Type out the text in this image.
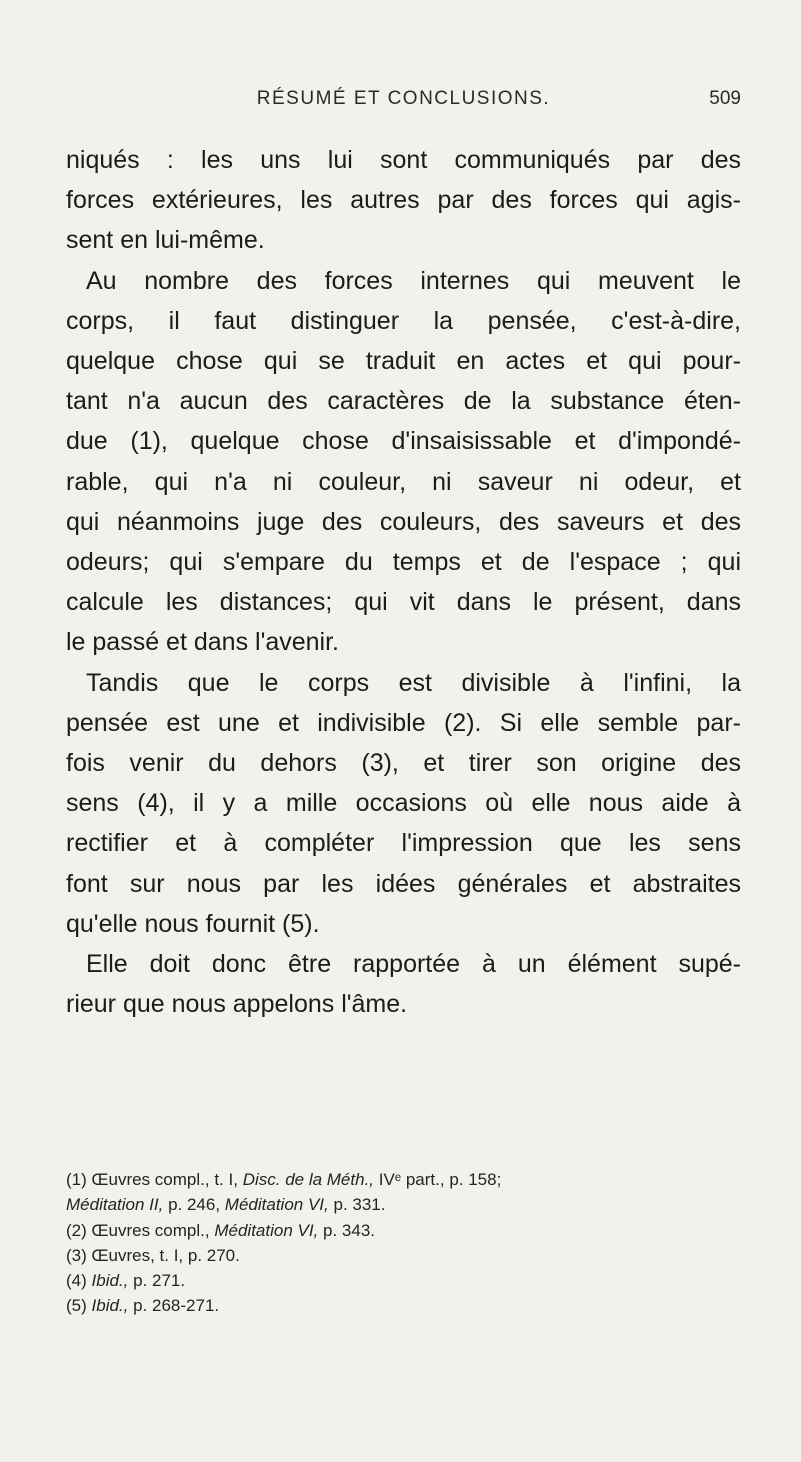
RÉSUMÉ ET CONCLUSIONS.	509
niqués : les uns lui sont communiqués par des
forces extérieures, les autres par des forces qui agis-
sent en lui-même.
Au nombre des forces internes qui meuvent le
corps, il faut distinguer la pensée, c'est-à-dire,
quelque chose qui se traduit en actes et qui pour-
tant n'a aucun des caractères de la substance éten-
due (1), quelque chose d'insaisissable et d'impondé-
rable, qui n'a ni couleur, ni saveur ni odeur, et
qui néanmoins juge des couleurs, des saveurs et des
odeurs; qui s'empare du temps et de l'espace ; qui
calcule les distances; qui vit dans le présent, dans
le passé et dans l'avenir.
Tandis que le corps est divisible à l'infini, la
pensée est une et indivisible (2). Si elle semble par-
fois venir du dehors (3), et tirer son origine des
sens (4), il y a mille occasions où elle nous aide à
rectifier et à compléter l'impression que les sens
font sur nous par les idées générales et abstraites
qu'elle nous fournit (5).
Elle doit donc être rapportée à un élément supé-
rieur que nous appelons l'âme.
(1) Œuvres compl., t. I, Disc. de la Méth., IVᵉ part., p. 158;
Méditation II, p. 246, Méditation VI, p. 331.
(2) Œuvres compl., Méditation VI, p. 343.
(3) Œuvres, t. I, p. 270.
(4) Ibid., p. 271.
(5) Ibid., p. 268-271.
